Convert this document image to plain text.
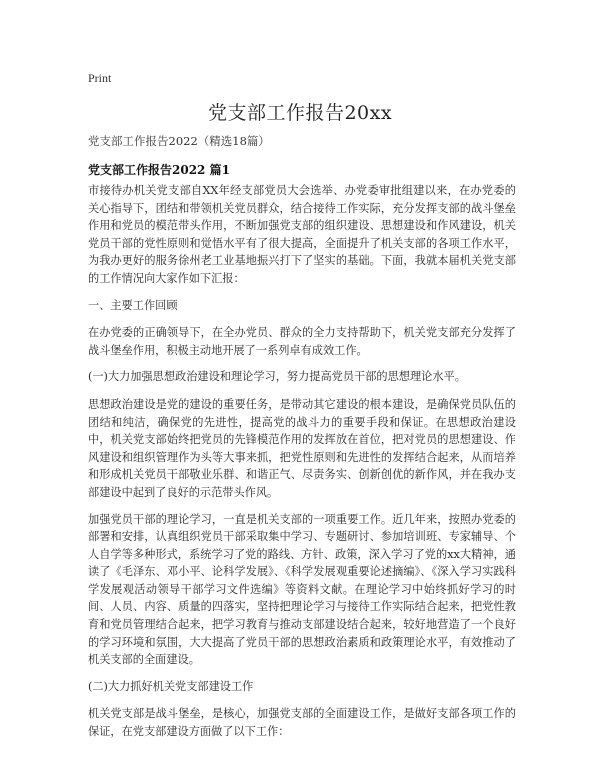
Print
党支部工作报告20xx
党支部工作报告2022（精选18篇）
党支部工作报告2022 篇1

市接待办机关党支部自XX年经支部党员大会选举、办党委审批组建以来，在办党委的关心指导下，团结和带领机关党员群众，结合接待工作实际，充分发挥支部的战斗堡垒作用和党员的模范带头作用，不断加强党支部的组织建设、思想建设和作风建设，机关党员干部的党性原则和觉悟水平有了很大提高，全面提升了机关支部的各项工作水平，为我办更好的服务徐州老工业基地振兴打下了坚实的基础。下面，我就本届机关党支部的工作情况向大家作如下汇报：

一、主要工作回顾

在办党委的正确领导下，在全办党员、群众的全力支持帮助下，机关党支部充分发挥了战斗堡垒作用，积极主动地开展了一系列卓有成效工作。

(一)大力加强思想政治建设和理论学习，努力提高党员干部的思想理论水平。

思想政治建设是党的建设的重要任务，是带动其它建设的根本建设，是确保党员队伍的团结和纯洁，确保党的先进性，提高党的战斗力的重要手段和保证。在思想政治建设中，机关党支部始终把党员的先锋模范作用的发挥放在首位，把对党员的思想建设、作风建设和组织管理作为头等大事来抓，把党性原则和先进性的发挥结合起来，从而培养和形成机关党员干部敬业乐群、和谐正气、尽责务实、创新创优的新作风，并在我办支部建设中起到了良好的示范带头作风。

加强党员干部的理论学习，一直是机关支部的一项重要工作。近几年来，按照办党委的部署和安排，认真组织党员干部采取集中学习、专题研讨、参加培训班、专家辅导、个人自学等多种形式，系统学习了党的路线、方针、政策，深入学习了党的xx大精神，通读了《毛泽东、邓小平、论科学发展》、《科学发展观重要论述摘编》、《深入学习实践科学发展观活动领导干部学习文件选编》等资料文献。在理论学习中始终抓好学习的时间、人员、内容、质量的四落实，坚持把理论学习与接待工作实际结合起来，把党性教育和党员管理结合起来，把学习教育与推动支部建设结合起来，较好地营造了一个良好的学习环境和氛围，大大提高了党员干部的思想政治素质和政策理论水平，有效推动了机关支部的全面建设。

(二)大力抓好机关党支部建设工作

机关党支部是战斗堡垒，是核心，加强党支部的全面建设工作，是做好支部各项工作的保证，在党支部建设方面做了以下工作：
